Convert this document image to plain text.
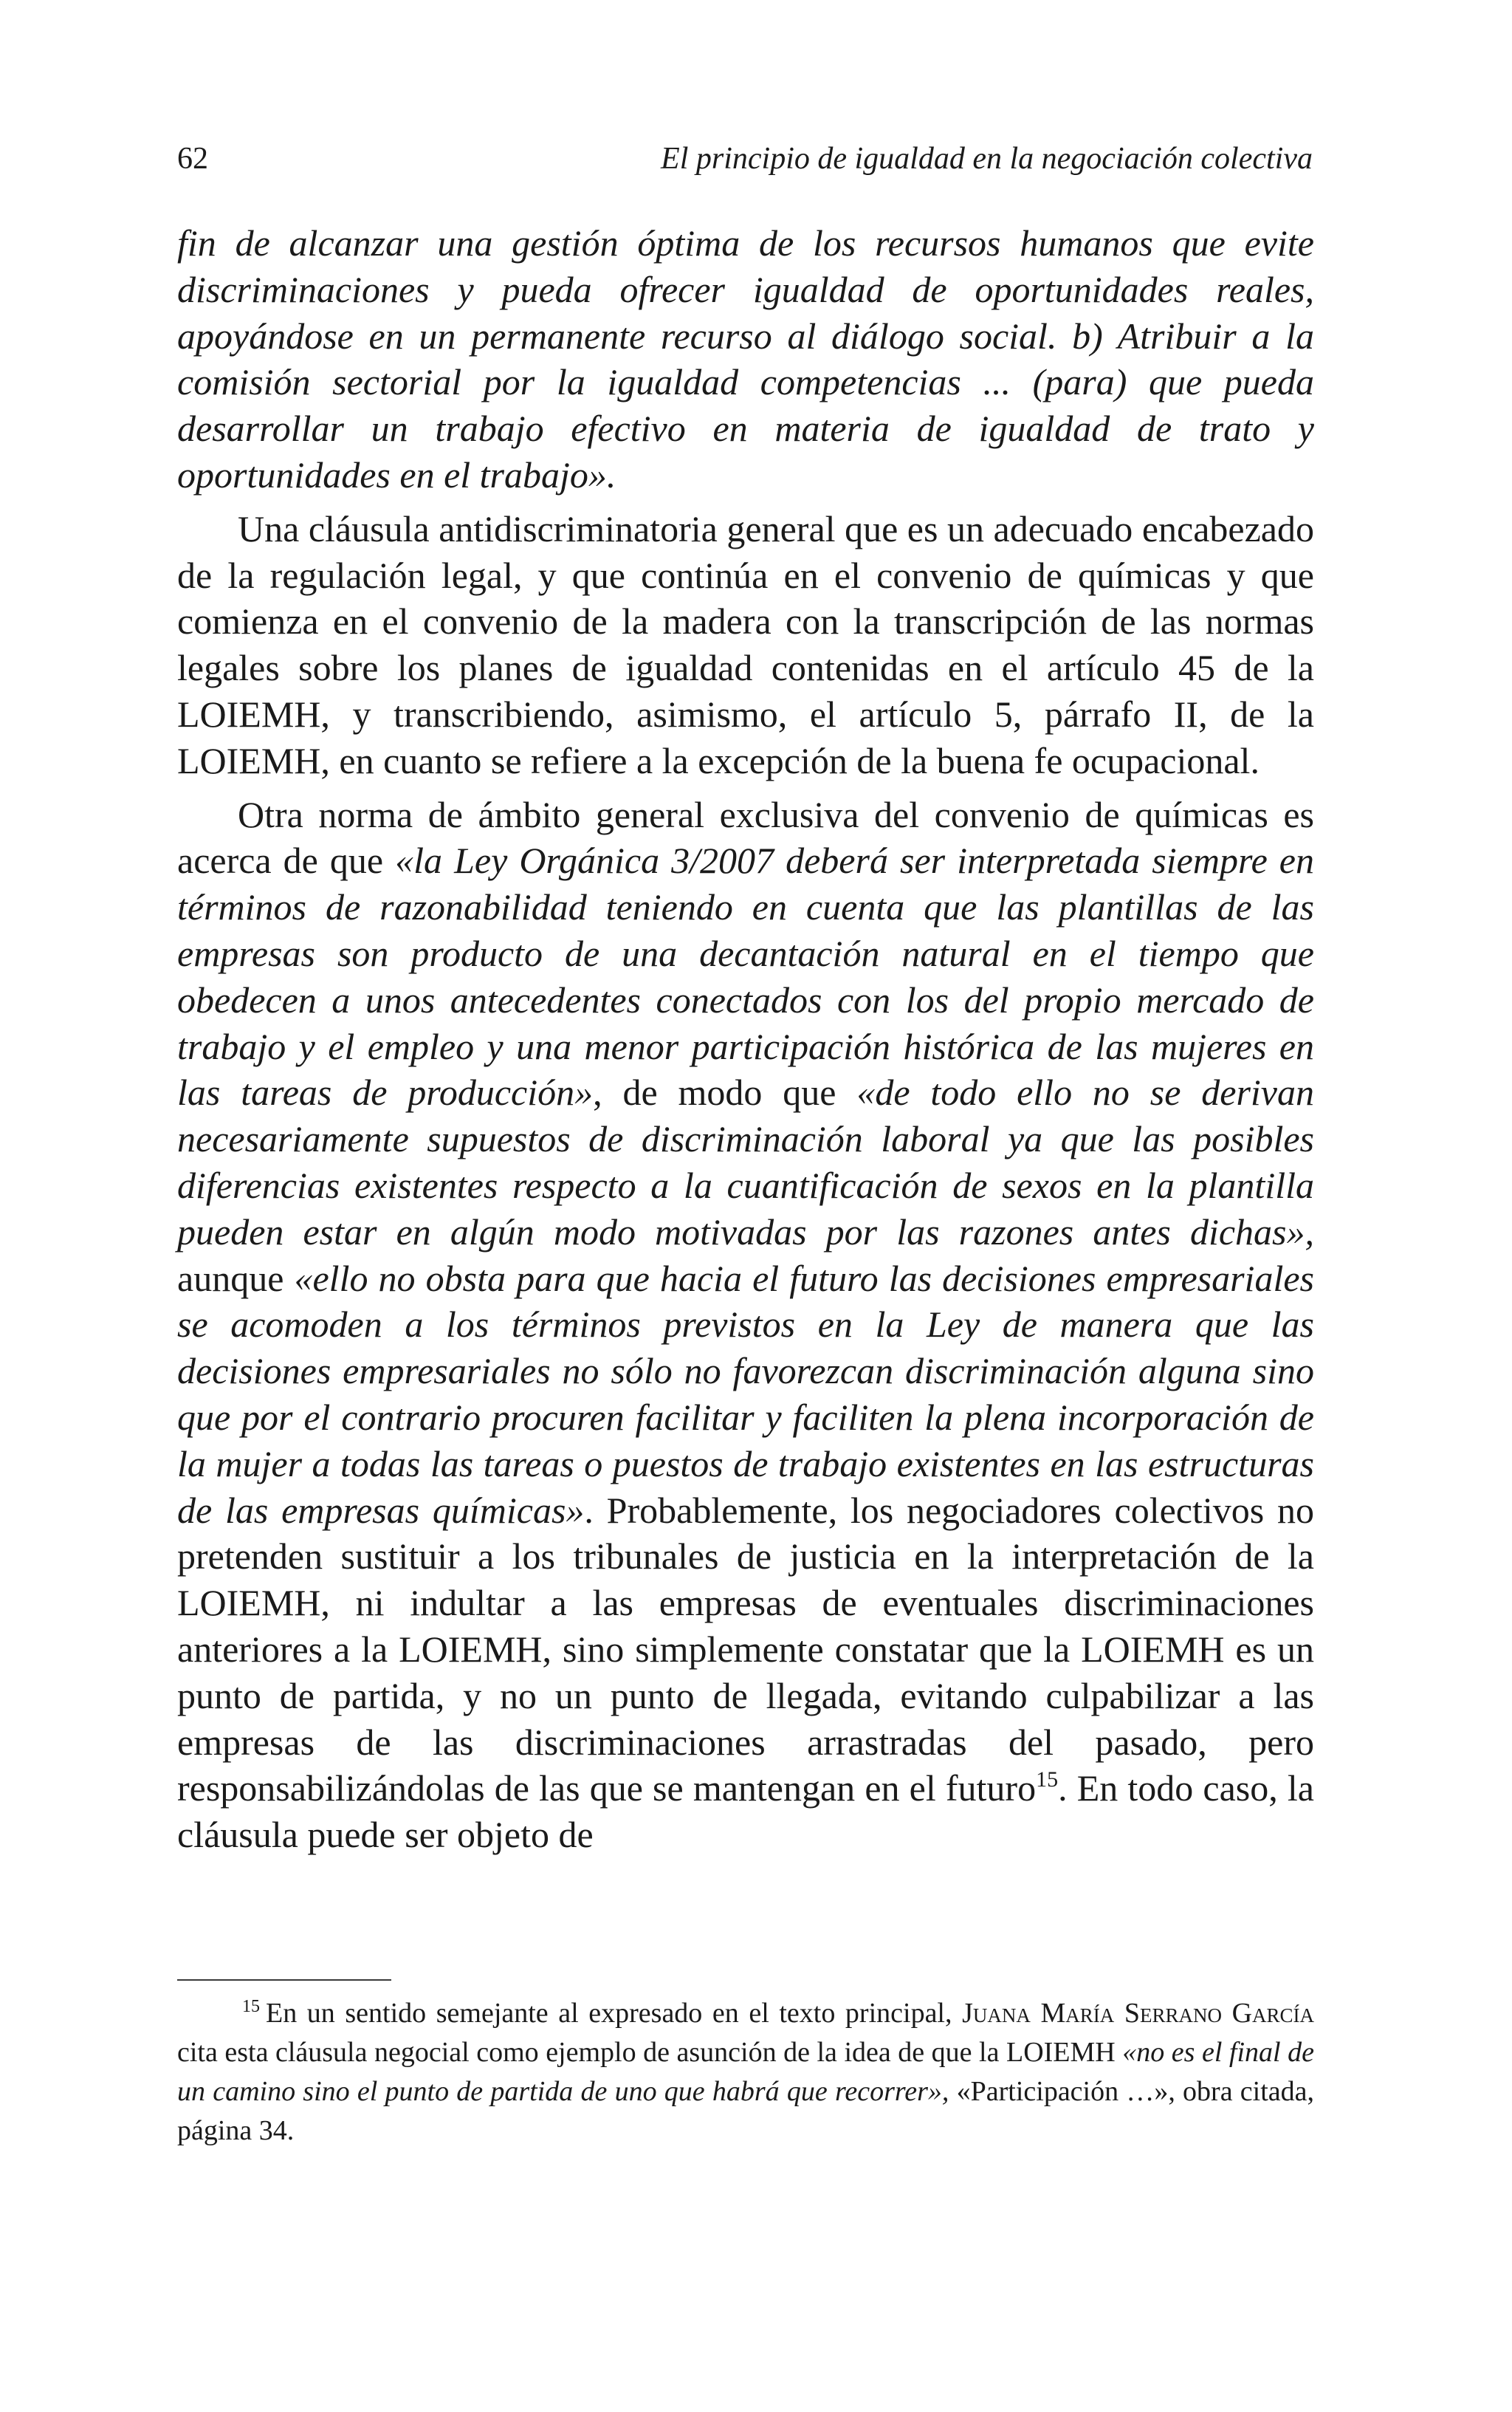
62	El principio de igualdad en la negociación colectiva

fin de alcanzar una gestión óptima de los recursos humanos que evite discriminaciones y pueda ofrecer igualdad de oportunidades reales, apoyándose en un permanente recurso al diálogo social. b) Atribuir a la comisión sectorial por la igualdad competencias ... (para) que pueda desarrollar un trabajo efectivo en materia de igualdad de trato y oportunidades en el trabajo».

Una cláusula antidiscriminatoria general que es un adecuado encabezado de la regulación legal, y que continúa en el convenio de químicas y que comienza en el convenio de la madera con la transcripción de las normas legales sobre los planes de igualdad contenidas en el artículo 45 de la LOIEMH, y transcribiendo, asimismo, el artículo 5, párrafo II, de la LOIEMH, en cuanto se refiere a la excepción de la buena fe ocupacional.

Otra norma de ámbito general exclusiva del convenio de químicas es acerca de que «la Ley Orgánica 3/2007 deberá ser interpretada siempre en términos de razonabilidad teniendo en cuenta que las plantillas de las empresas son producto de una decantación natural en el tiempo que obedecen a unos antecedentes conectados con los del propio mercado de trabajo y el empleo y una menor participación histórica de las mujeres en las tareas de producción», de modo que «de todo ello no se derivan necesariamente supuestos de discriminación laboral ya que las posibles diferencias existentes respecto a la cuantificación de sexos en la plantilla pueden estar en algún modo motivadas por las razones antes dichas», aunque «ello no obsta para que hacia el futuro las decisiones empresariales se acomoden a los términos previstos en la Ley de manera que las decisiones empresariales no sólo no favorezcan discriminación alguna sino que por el contrario procuren facilitar y faciliten la plena incorporación de la mujer a todas las tareas o puestos de trabajo existentes en las estructuras de las empresas químicas». Probablemente, los negociadores colectivos no pretenden sustituir a los tribunales de justicia en la interpretación de la LOIEMH, ni indultar a las empresas de eventuales discriminaciones anteriores a la LOIEMH, sino simplemente constatar que la LOIEMH es un punto de partida, y no un punto de llegada, evitando culpabilizar a las empresas de las discriminaciones arrastradas del pasado, pero responsabilizándolas de las que se mantengan en el futuro$^{15}$. En todo caso, la cláusula puede ser objeto de

$^{15}$ En un sentido semejante al expresado en el texto principal, Juana María Serrano García cita esta cláusula negocial como ejemplo de asunción de la idea de que la LOIEMH «no es el final de un camino sino el punto de partida de uno que habrá que recorrer», «Participación …», obra citada, página 34.
